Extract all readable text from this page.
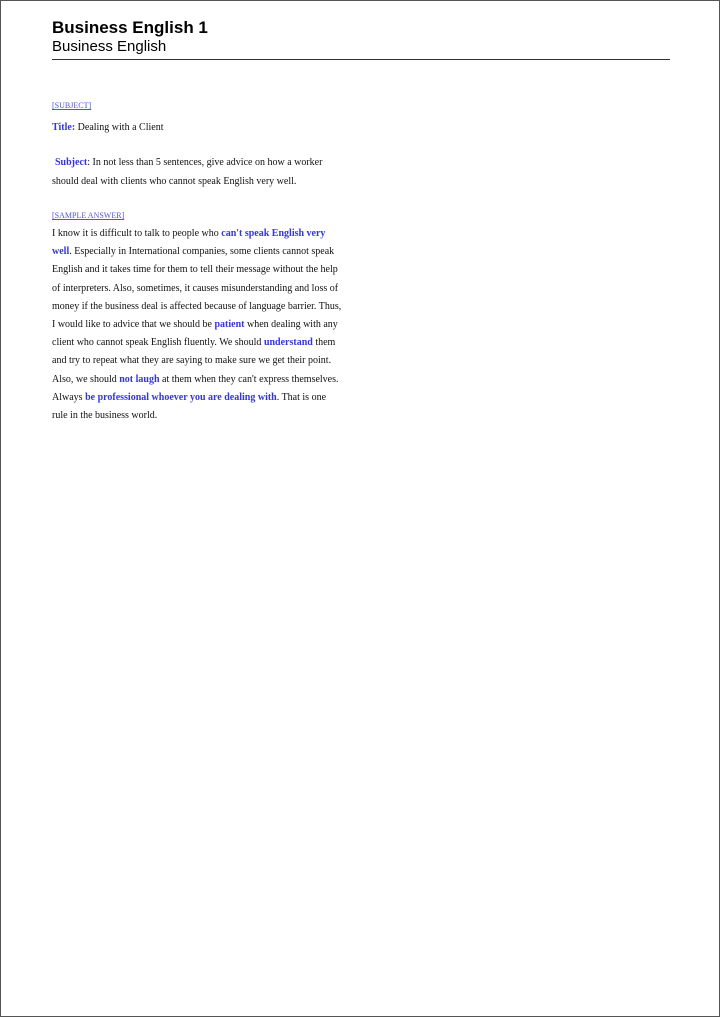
Business English 1
Business English
[SUBJECT]

Title: Dealing with a Client

Subject: In not less than 5 sentences, give advice on how a worker should deal with clients who cannot speak English very well.

[SAMPLE ANSWER]

I know it is difficult to talk to people who can't speak English very well. Especially in International companies, some clients cannot speak English and it takes time for them to tell their message without the help of interpreters. Also, sometimes, it causes misunderstanding and loss of money if the business deal is affected because of language barrier. Thus, I would like to advice that we should be patient when dealing with any client who cannot speak English fluently. We should understand them and try to repeat what they are saying to make sure we get their point. Also, we should not laugh at them when they can't express themselves. Always be professional whoever you are dealing with. That is one rule in the business world.
